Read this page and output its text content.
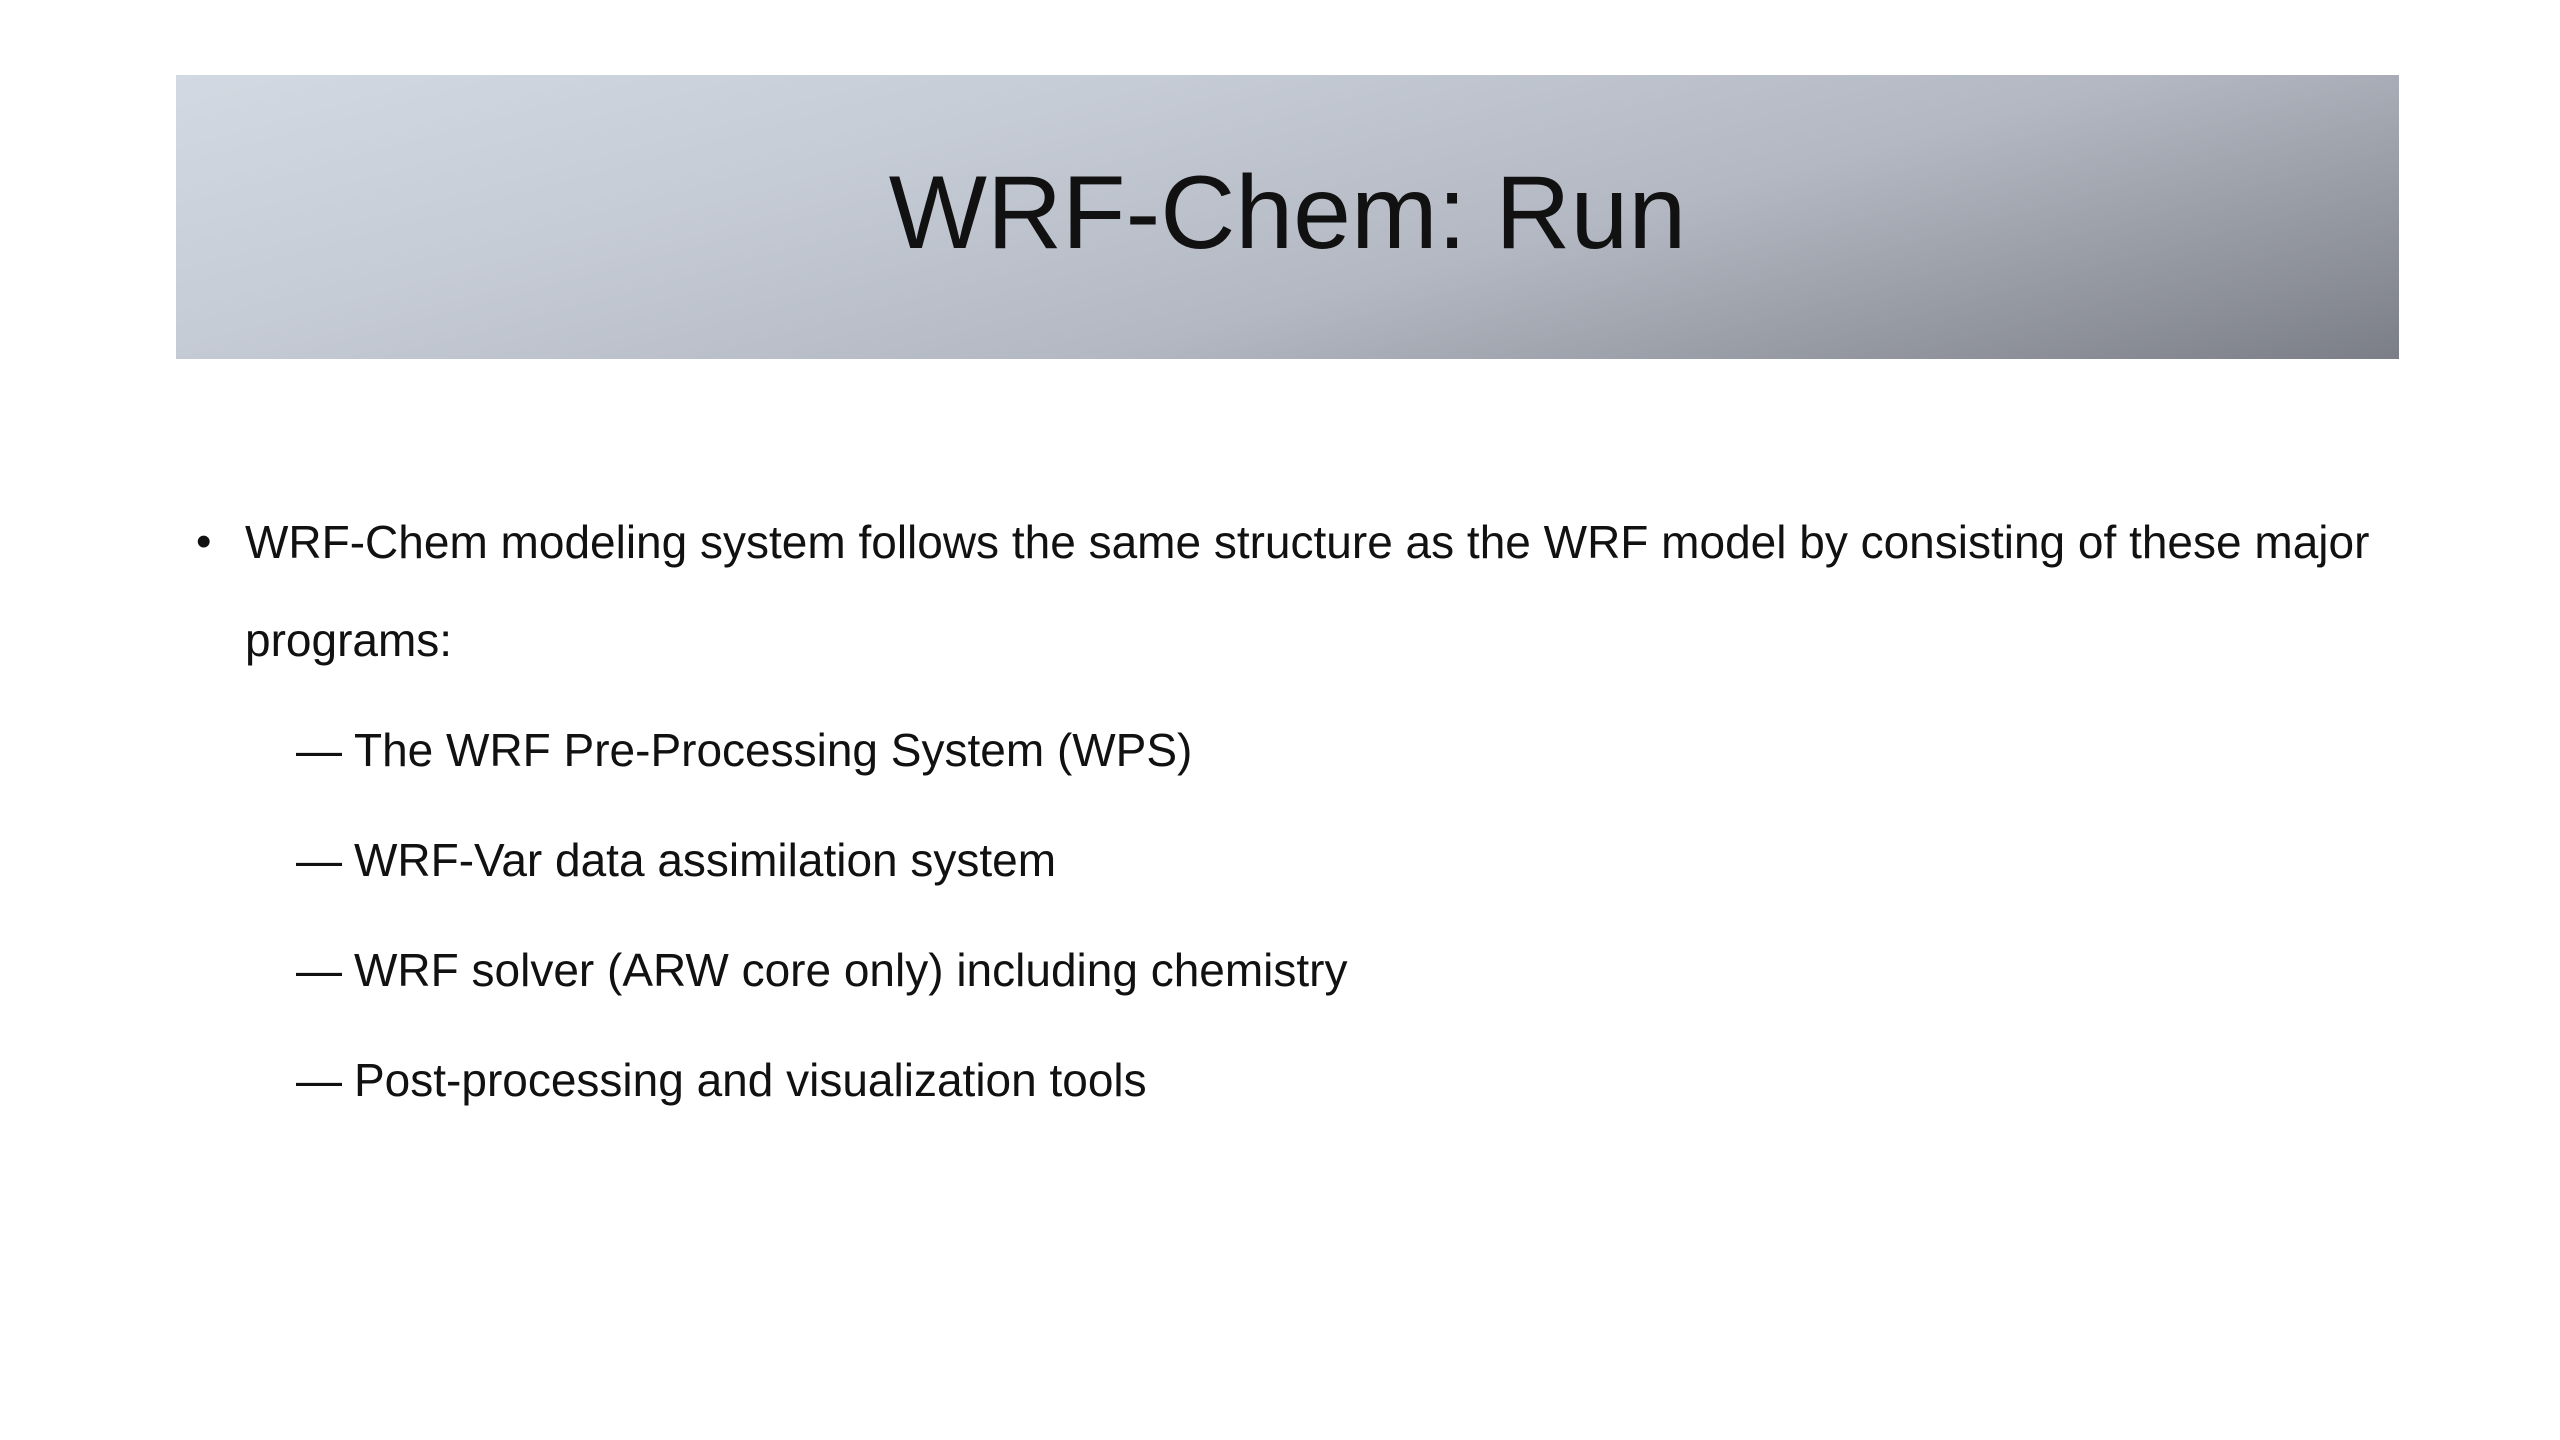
WRF-Chem: Run
• WRF-Chem modeling system follows the same structure as the WRF model by consisting of these major programs:
— The WRF Pre-Processing System (WPS)
— WRF-Var data assimilation system
— WRF solver (ARW core only) including chemistry
— Post-processing and visualization tools
